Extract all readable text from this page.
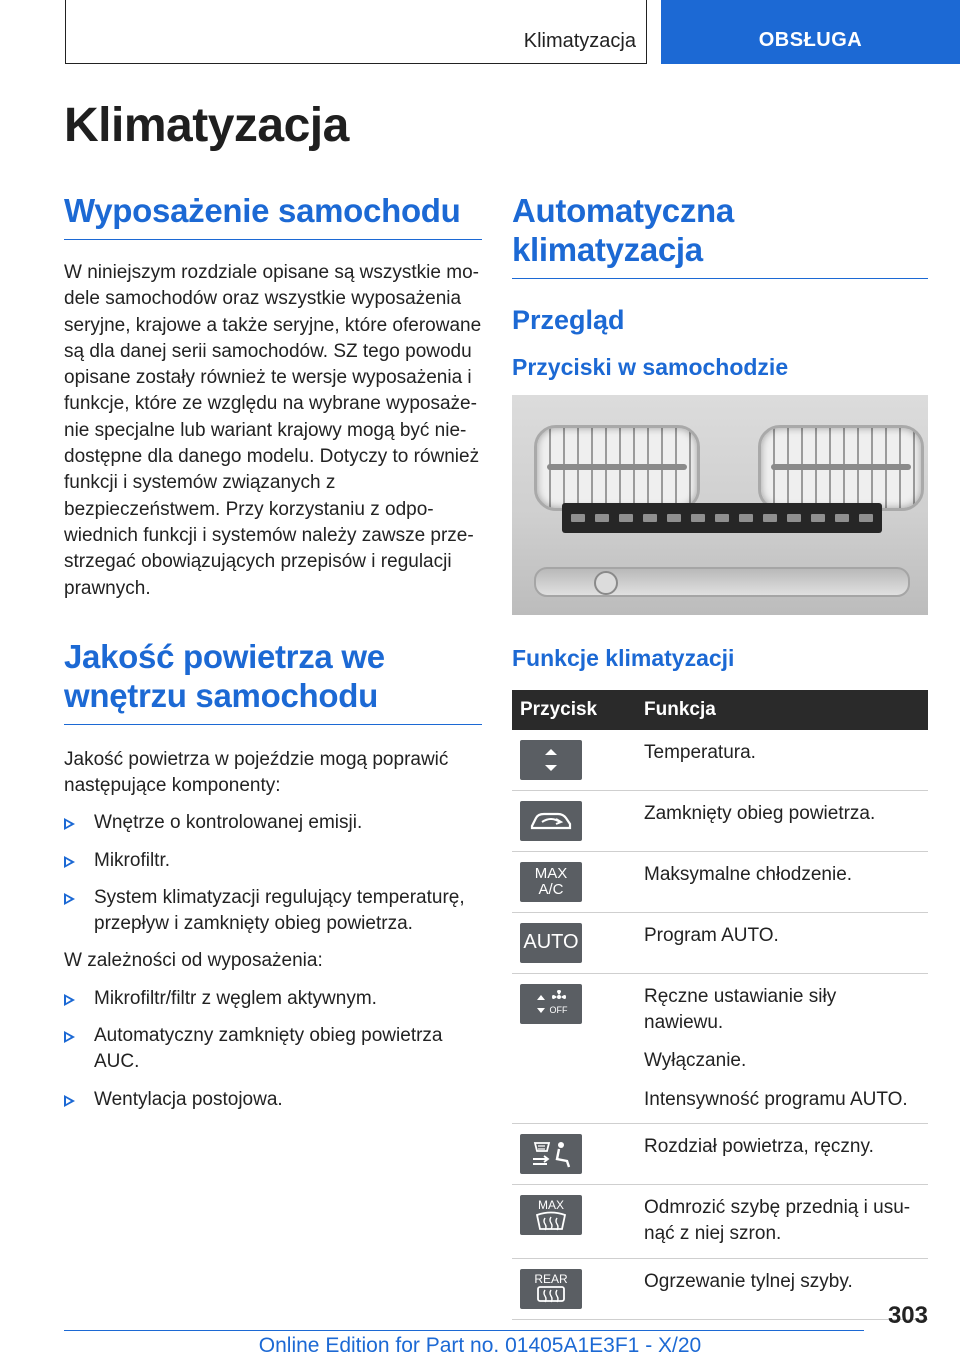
Klimatyzacja	OBSŁUGA
Klimatyzacja
Wyposażenie samochodu

W niniejszym rozdziale opisane są wszystkie modele samochodów oraz wszystkie wyposażenia seryjne, krajowe a także seryjne, które oferowane są dla danej serii samochodów. SZ tego powodu opisane zostały również te wersje wyposażenia i funkcje, które ze względu na wybrane wyposażenie specjalne lub wariant krajowy mogą być niedostępne dla danego modelu. Dotyczy to również funkcji i systemów związanych z bezpieczeństwem. Przy korzystaniu z odpowiednich funkcji i systemów należy zawsze przestrzegać obowiązujących przepisów i regulacji prawnych.

Jakość powietrza we
wnętrzu samochodu

Jakość powietrza w pojeździe mogą poprawić następujące komponenty:

Wnętrze o kontrolowanej emisji.
Mikrofiltr.
System klimatyzacji regulujący temperaturę, przepływ i zamknięty obieg powietrza.

W zależności od wyposażenia:

Mikrofiltr/filtr z węglem aktywnym.
Automatyczny zamknięty obieg powietrza AUC.
Wentylacja postojowa.
Automatyczna klimatyzacja
Przegląd
Przyciski w samochodzie
Funkcje klimatyzacji
Przycisk	Funkcja

Temperatura.

Zamknięty obieg powietrza.

MAX
A/C	Maksymalne chłodzenie.

AUTO	Program AUTO.

OFF	Ręczne ustawianie siły nawiewu.

Wyłączanie.

Intensywność programu AUTO.

Rozdział powietrza, ręczny.

MAX	Odmrozić szybę przednią i usunąć z niej szron.

REAR	Ogrzewanie tylnej szyby.

303
Online Edition for Part no. 01405A1E3F1 - X/20
